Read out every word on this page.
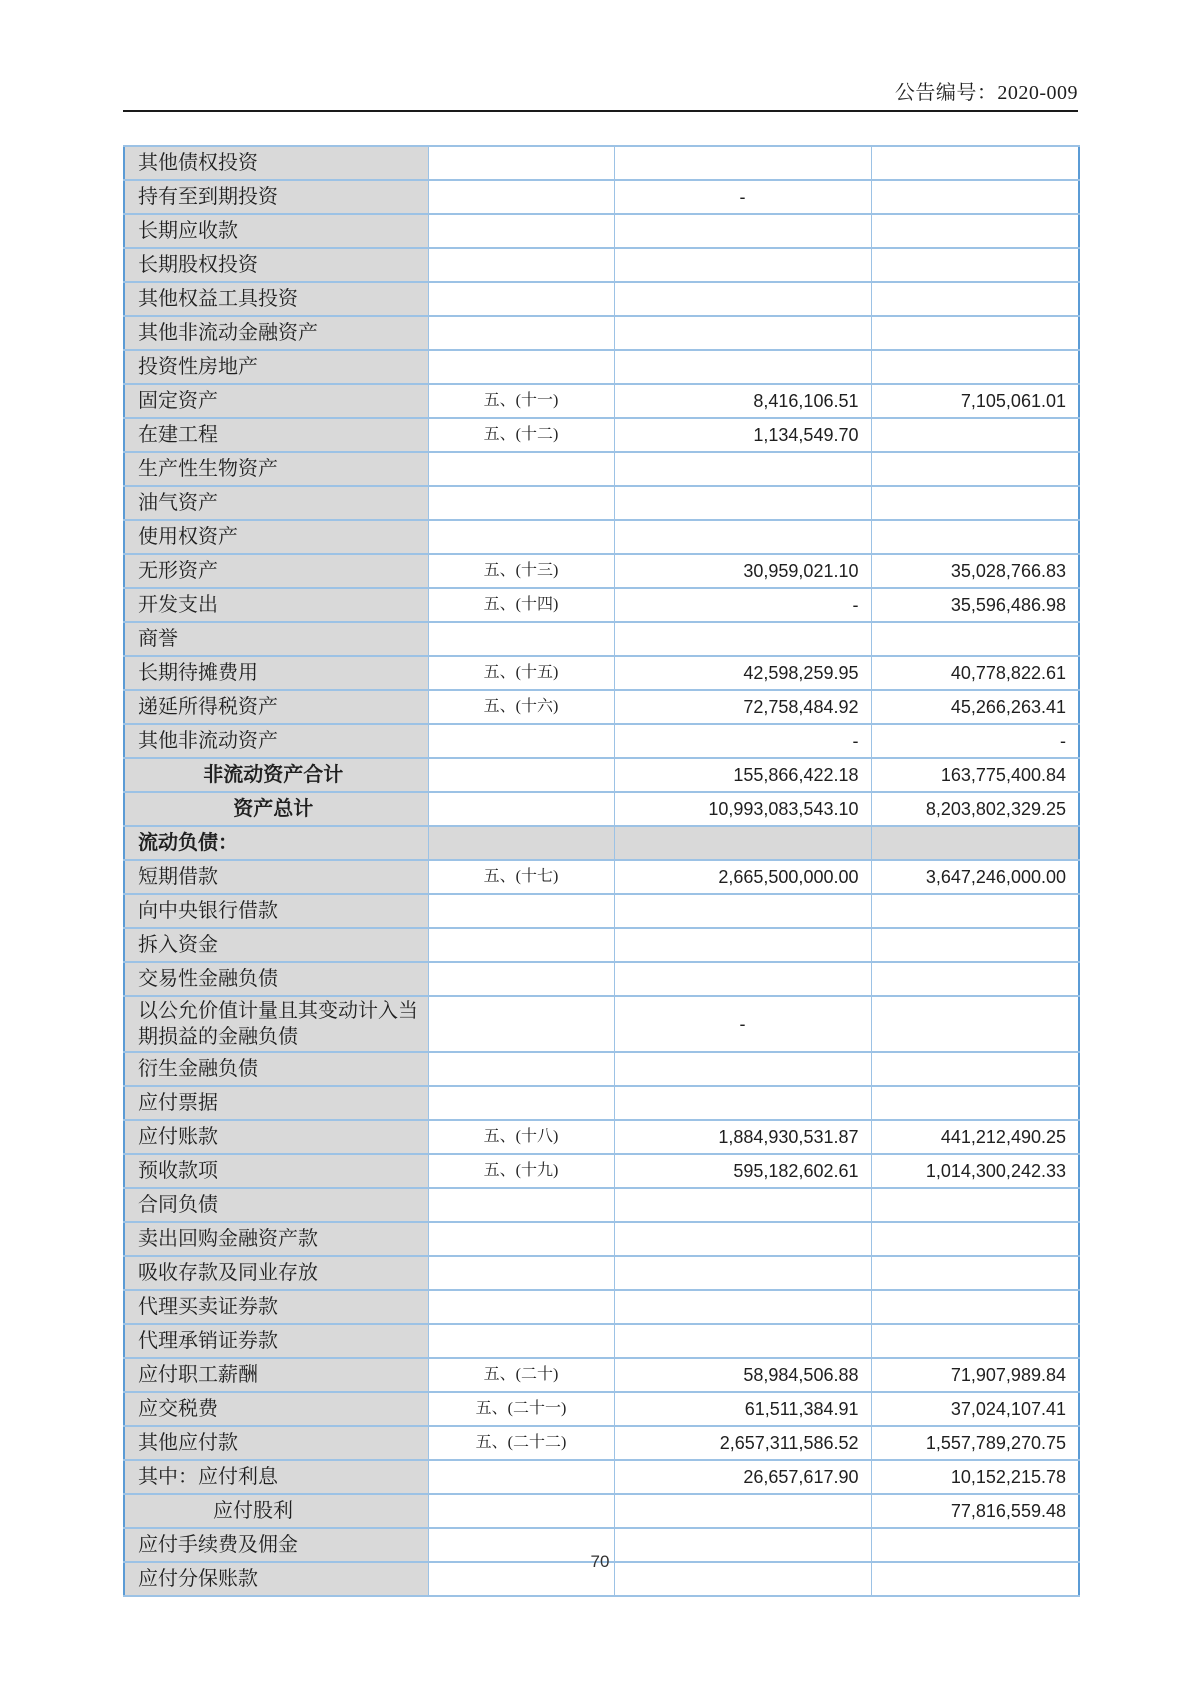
公告编号：2020-009
其他债权投资			
持有至到期投资		-	
长期应收款			
长期股权投资			
其他权益工具投资			
其他非流动金融资产			
投资性房地产			
固定资产	五、(十一)	8,416,106.51	7,105,061.01
在建工程	五、(十二)	1,134,549.70	
生产性生物资产			
油气资产			
使用权资产			
无形资产	五、(十三)	30,959,021.10	35,028,766.83
开发支出	五、(十四)	-	35,596,486.98
商誉			
长期待摊费用	五、(十五)	42,598,259.95	40,778,822.61
递延所得税资产	五、(十六)	72,758,484.92	45,266,263.41
其他非流动资产		-	-
非流动资产合计		155,866,422.18	163,775,400.84
资产总计		10,993,083,543.10	8,203,802,329.25
流动负债：			
短期借款	五、(十七)	2,665,500,000.00	3,647,246,000.00
向中央银行借款			
拆入资金			
交易性金融负债			
以公允价值计量且其变动计入当期损益的金融负债		-	
衍生金融负债			
应付票据			
应付账款	五、(十八)	1,884,930,531.87	441,212,490.25
预收款项	五、(十九)	595,182,602.61	1,014,300,242.33
合同负债			
卖出回购金融资产款			
吸收存款及同业存放			
代理买卖证券款			
代理承销证券款			
应付职工薪酬	五、(二十)	58,984,506.88	71,907,989.84
应交税费	五、(二十一)	61,511,384.91	37,024,107.41
其他应付款	五、(二十二)	2,657,311,586.52	1,557,789,270.75
其中：应付利息		26,657,617.90	10,152,215.78
应付股利			77,816,559.48
应付手续费及佣金			
应付分保账款			
70
